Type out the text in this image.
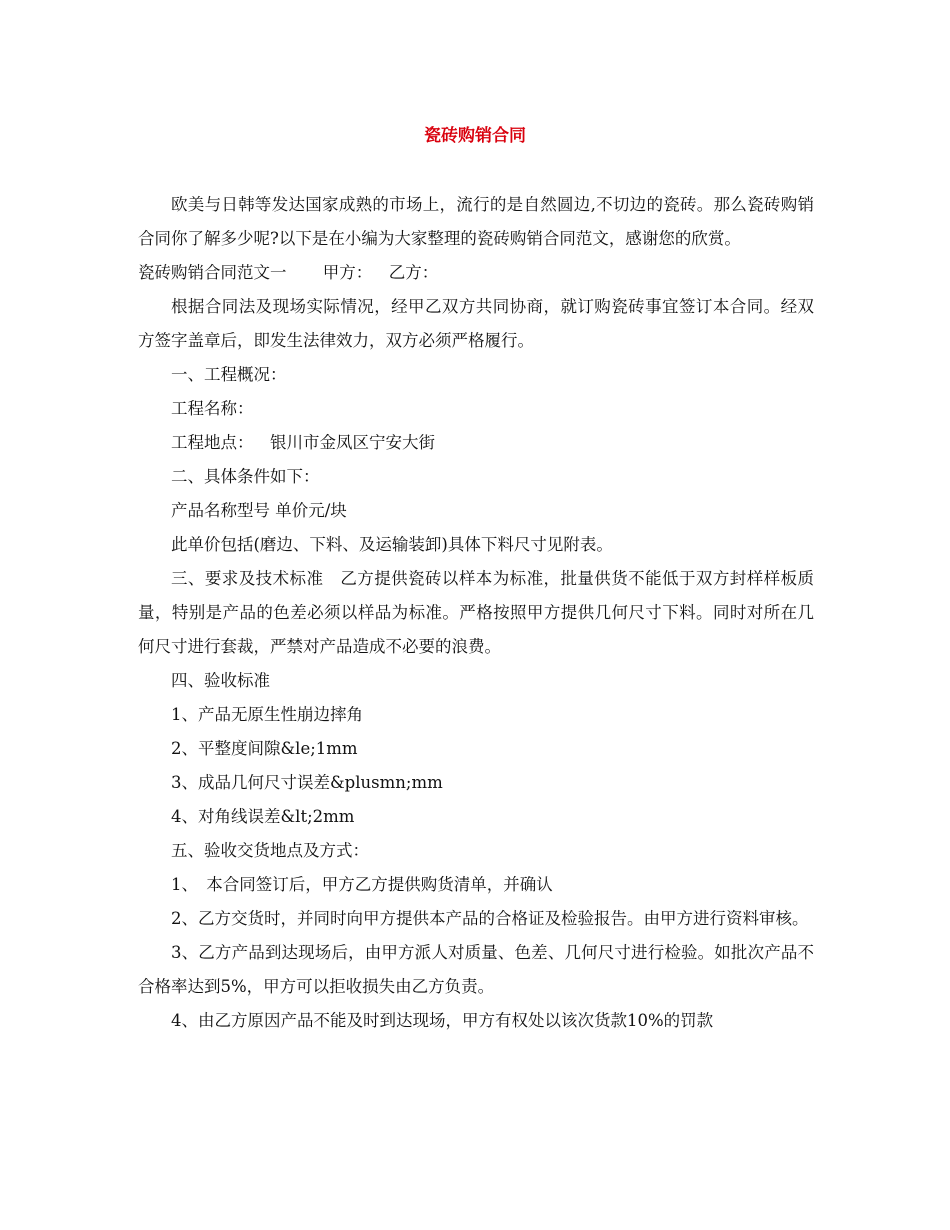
瓷砖购销合同

欧美与日韩等发达国家成熟的市场上，流行的是自然圆边,不切边的瓷砖。那么瓷砖购销合同你了解多少呢?以下是在小编为大家整理的瓷砖购销合同范文，感谢您的欣赏。

瓷砖购销合同范文一 甲方： 乙方：

根据合同法及现场实际情况，经甲乙双方共同协商，就订购瓷砖事宜签订本合同。经双方签字盖章后，即发生法律效力，双方必须严格履行。

一、工程概况：

工程名称：

工程地点： 银川市金凤区宁安大街

二、具体条件如下：

产品名称型号 单价元/块

此单价包括(磨边、下料、及运输装卸)具体下料尺寸见附表。

三、要求及技术标准　乙方提供瓷砖以样本为标准，批量供货不能低于双方封样样板质量，特别是产品的色差必须以样品为标准。严格按照甲方提供几何尺寸下料。同时对所在几何尺寸进行套裁，严禁对产品造成不必要的浪费。

四、验收标准

1、产品无原生性崩边摔角

2、平整度间隙&le;1mm

3、成品几何尺寸误差&plusmn;mm

4、对角线误差&lt;2mm

五、验收交货地点及方式：

1、　本合同签订后，甲方乙方提供购货清单，并确认

2、乙方交货时，并同时向甲方提供本产品的合格证及检验报告。由甲方进行资料审核。

3、乙方产品到达现场后，由甲方派人对质量、色差、几何尺寸进行检验。如批次产品不合格率达到5%，甲方可以拒收损失由乙方负责。

4、由乙方原因产品不能及时到达现场，甲方有权处以该次货款10%的罚款
